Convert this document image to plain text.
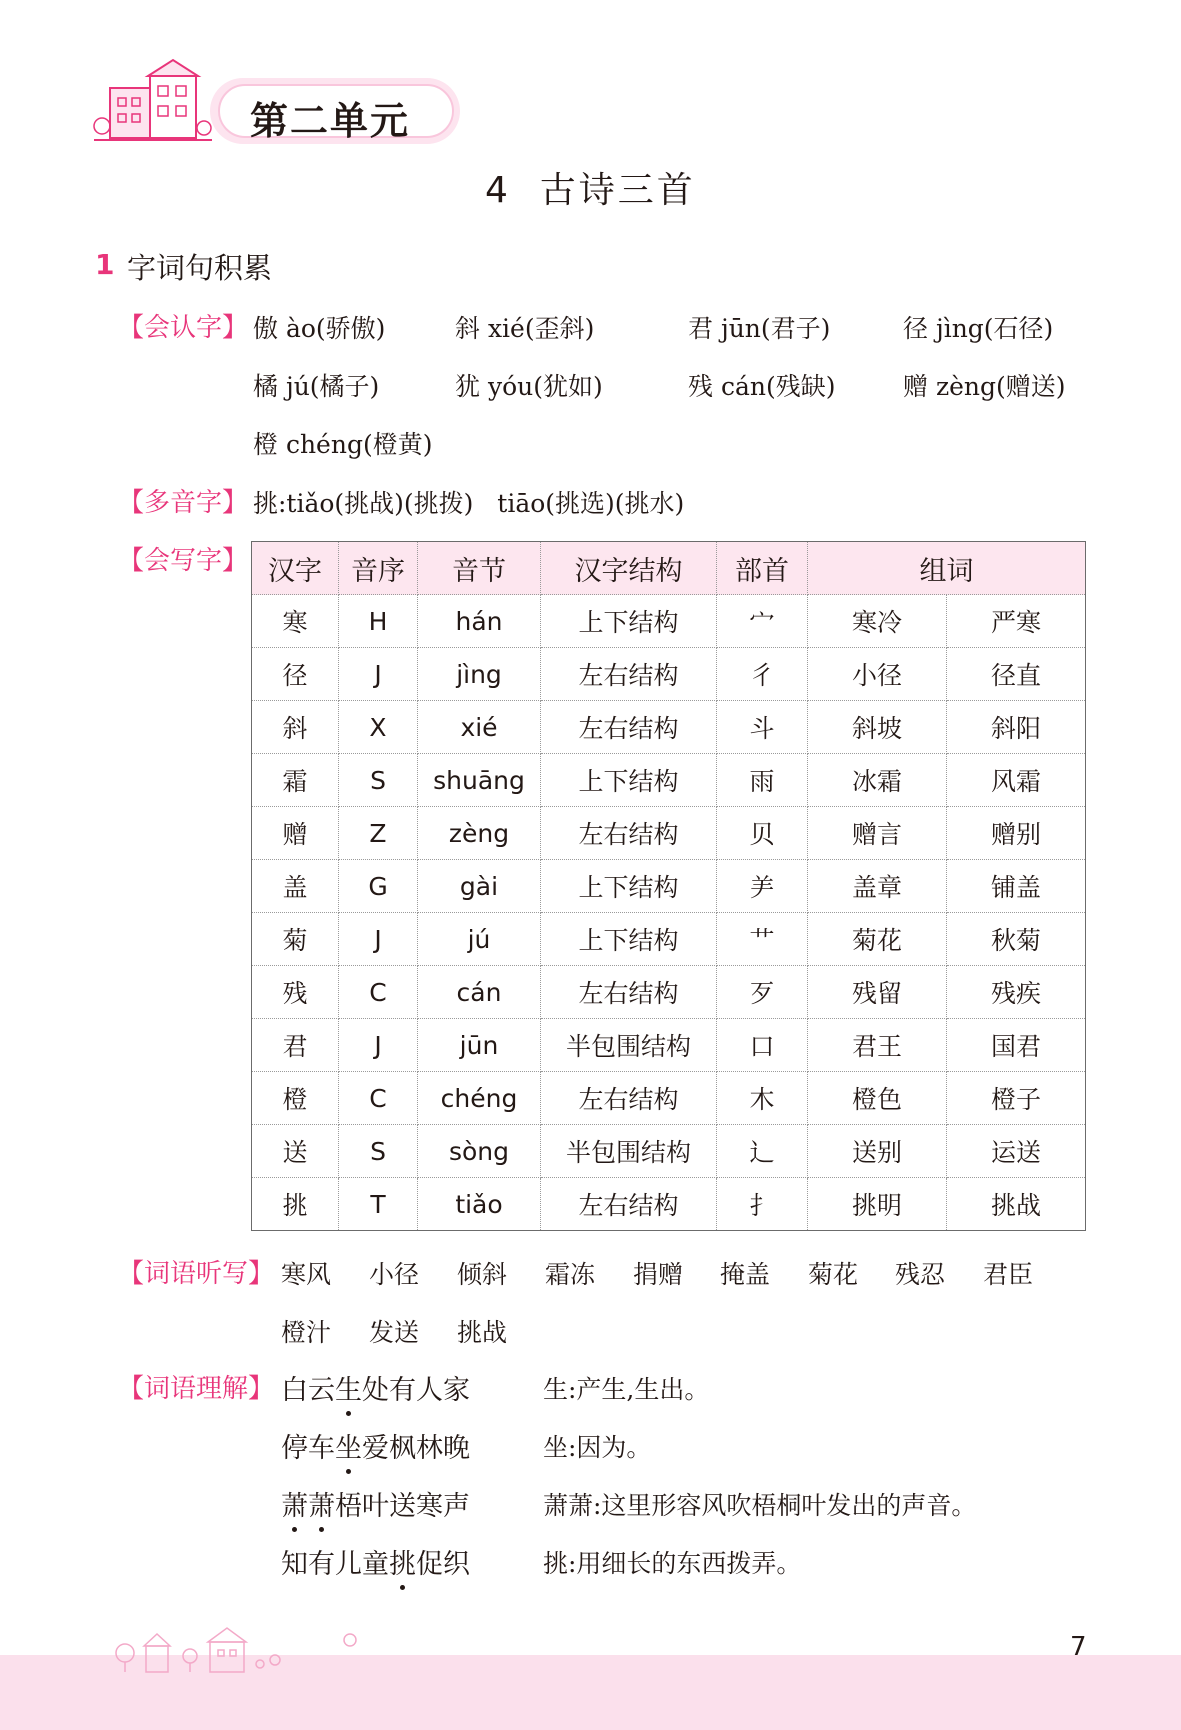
第二单元
4  古诗三首
1 字词句积累
【会认字】 傲 ào(骄傲)	斜 xié(歪斜)	君 jūn(君子)	径 jìng(石径)
橘 jú(橘子)	犹 yóu(犹如)	残 cán(残缺)	赠 zèng(赠送)
橙 chéng(橙黄)
【多音字】 挑:tiǎo(挑战)(挑拨)   tiāo(挑选)(挑水)
【会写字】 汉字	音序	音节	汉字结构	部首	组词	
寒	H	hán	上下结构	宀	寒冷	严寒
径	J	jìng	左右结构	彳	小径	径直
斜	X	xié	左右结构	斗	斜坡	斜阳
霜	S	shuāng	上下结构	雨	冰霜	风霜
赠	Z	zèng	左右结构	贝	赠言	赠别
盖	G	gài	上下结构	⺶	盖章	铺盖
菊	J	jú	上下结构	艹	菊花	秋菊
残	C	cán	左右结构	歹	残留	残疾
君	J	jūn	半包围结构	口	君王	国君
橙	C	chéng	左右结构	木	橙色	橙子
送	S	sòng	半包围结构	辶	送别	运送
挑	T	tiǎo	左右结构	扌	挑明	挑战
【词语听写】 寒风 小径 倾斜 霜冻 捐赠 掩盖 菊花 残忍 君臣
橙汁 发送 挑战
【词语理解】 白云生处有人家	生:产生,生出。
停车坐爱枫林晚	坐:因为。
萧萧梧叶送寒声	萧萧:这里形容风吹梧桐叶发出的声音。
知有儿童挑促织	挑:用细长的东西拨弄。
7
